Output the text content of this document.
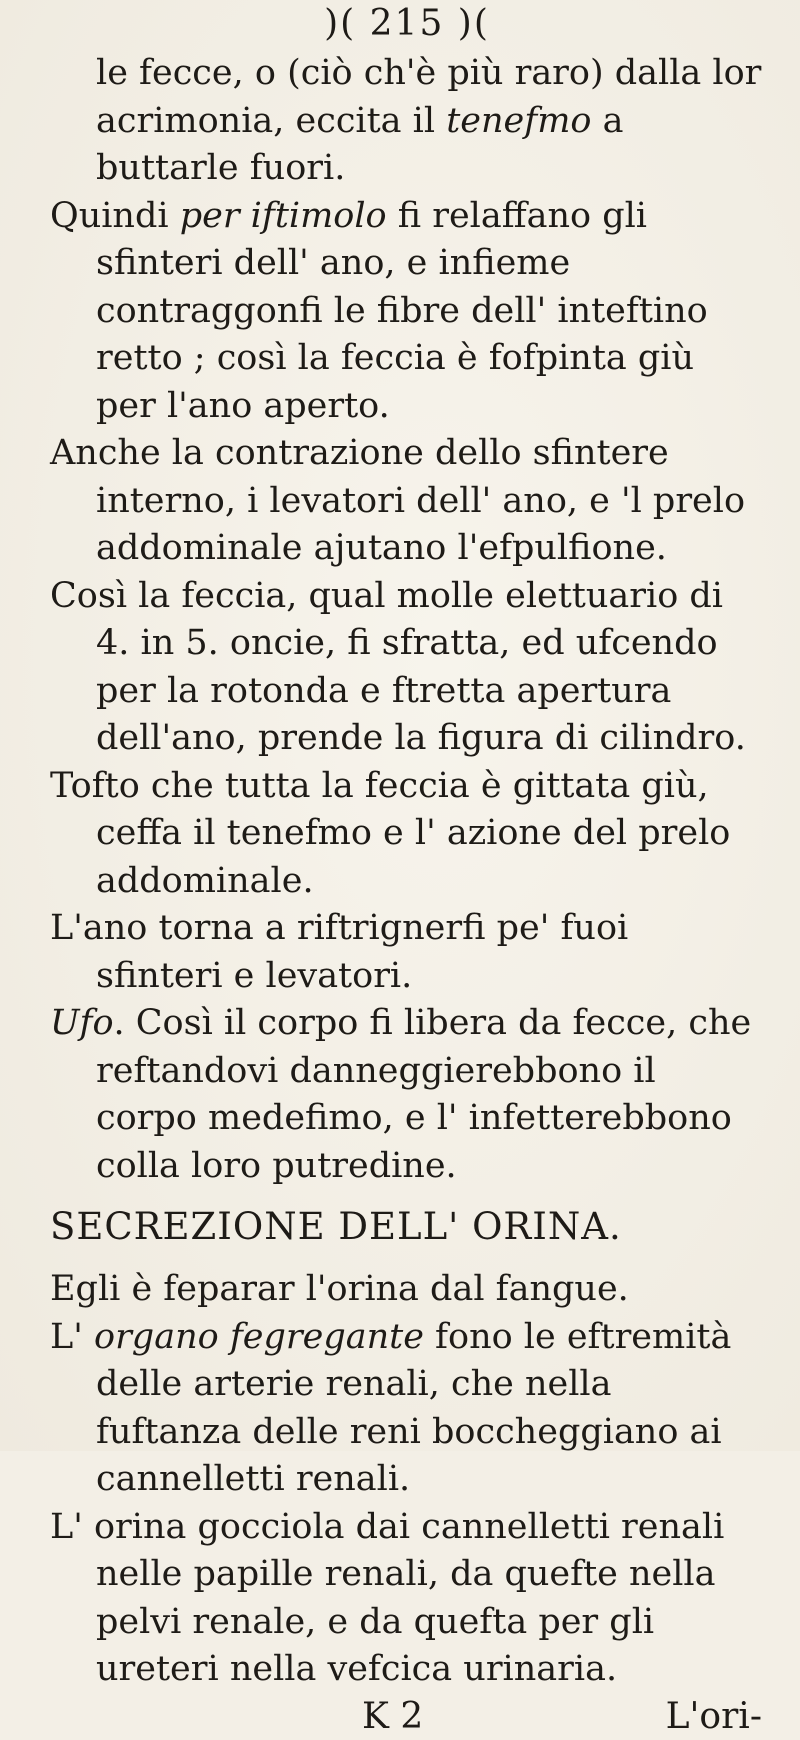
)( 215 )(

le fecce, o (ciò ch'è più raro) dalla lor acrimonia, eccita il tenefmo a buttarle fuori.

Quindi per iftimolo fi relaffano gli sfinteri dell' ano, e infieme contraggonfi le fibre dell' inteftino retto ; così la feccia è fofpinta giù per l'ano aperto.

Anche la contrazione dello sfintere interno, i levatori dell' ano, e 'l prelo addominale ajutano l'efpulfione.

Così la feccia, qual molle elettuario di 4. in 5. oncie, fi sfratta, ed ufcendo per la rotonda e ftretta apertura dell'ano, prende la figura di cilindro.

Tofto che tutta la feccia è gittata giù, ceffa il tenefmo e l' azione del prelo addominale.

L'ano torna a riftrignerfi pe' fuoi sfinteri e levatori.

Ufo. Così il corpo fi libera da fecce, che reftandovi danneggierebbono il corpo medefimo, e l' infetterebbono colla loro putredine.

SECREZIONE DELL' ORINA.

Egli è feparar l'orina dal fangue.

L' organo fegregante fono le eftremità delle arterie renali, che nella fuftanza delle reni boccheggiano ai cannelletti renali.

L' orina gocciola dai cannelletti renali nelle papille renali, da quefte nella pelvi renale, e da quefta per gli ureteri nella vefcica urinaria.

K 2	L'ori-
